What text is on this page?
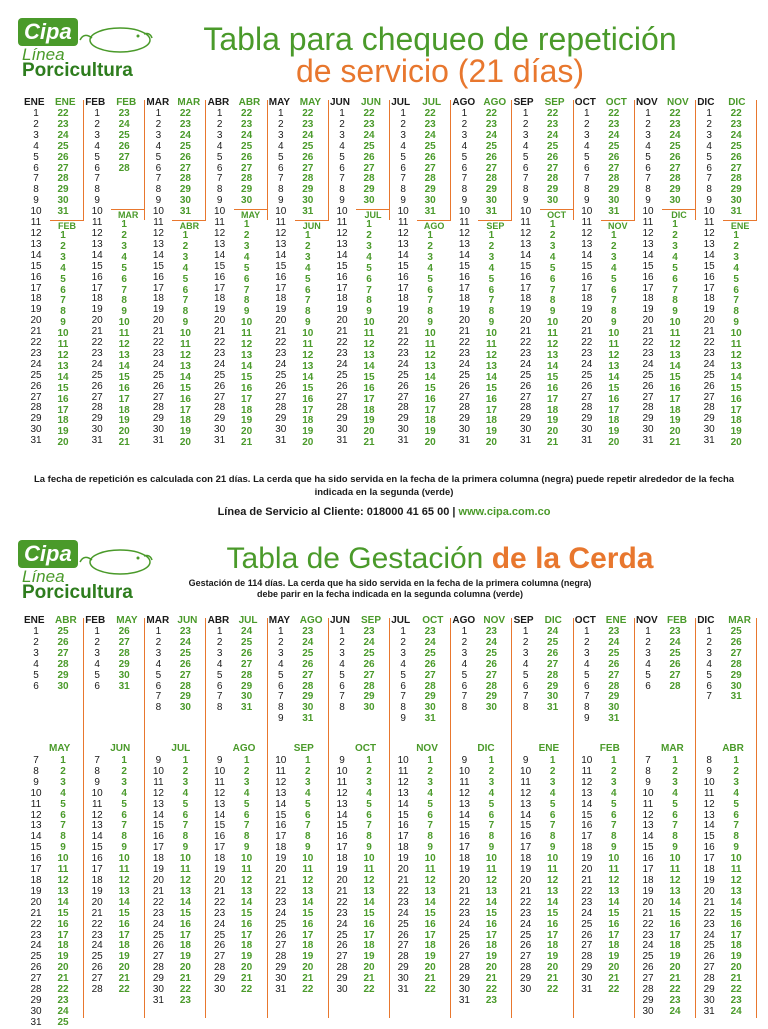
Cipa
Línea
Porcicultura
Tabla para chequeo de repetición
de servicio (21 días)
ENE ENE
1
2
3
4
5
6
7
8
9
10
11
12
13
14
15
16
17
18
19
20
21
22
23
24
25
26
27
28
29
30
31
22
23
24
25
26
27
28
29
30
31
FEB
1
2
3
4
5
6
7
8
9
10
11
12
13
14
15
16
17
18
19
20
FEB FEB
1
2
3
4
5
6
7
8
9
10
11
12
13
14
15
16
17
18
19
20
21
22
23
24
25
26
27
28
29
30
31
23
24
25
26
27
28
MAR
1
2
3
4
5
6
7
8
9
10
11
12
13
14
15
16
17
18
19
20
21
MAR MAR
1
2
3
4
5
6
7
8
9
10
11
12
13
14
15
16
17
18
19
20
21
22
23
24
25
26
27
28
29
30
31
22
23
24
25
26
27
28
29
30
31
ABR
1
2
3
4
5
6
7
8
9
10
11
12
13
14
15
16
17
18
19
20
ABR ABR
1
2
3
4
5
6
7
8
9
10
11
12
13
14
15
16
17
18
19
20
21
22
23
24
25
26
27
28
29
30
31
22
23
24
25
26
27
28
29
30
MAY
1
2
3
4
5
6
7
8
9
10
11
12
13
14
15
16
17
18
19
20
21
MAY MAY
1
2
3
4
5
6
7
8
9
10
11
12
13
14
15
16
17
18
19
20
21
22
23
24
25
26
27
28
29
30
31
22
23
24
25
26
27
28
29
30
31
JUN
1
2
3
4
5
6
7
8
9
10
11
12
13
14
15
16
17
18
19
20
JUN JUN
1
2
3
4
5
6
7
8
9
10
11
12
13
14
15
16
17
18
19
20
21
22
23
24
25
26
27
28
29
30
31
22
23
24
25
26
27
28
29
30
JUL
1
2
3
4
5
6
7
8
9
10
11
12
13
14
15
16
17
18
19
20
21
JUL JUL
1
2
3
4
5
6
7
8
9
10
11
12
13
14
15
16
17
18
19
20
21
22
23
24
25
26
27
28
29
30
31
22
23
24
25
26
27
28
29
30
31
AGO
1
2
3
4
5
6
7
8
9
10
11
12
13
14
15
16
17
18
19
20
AGO AGO
1
2
3
4
5
6
7
8
9
10
11
12
13
14
15
16
17
18
19
20
21
22
23
24
25
26
27
28
29
30
31
22
23
24
25
26
27
28
29
30
31
SEP
1
2
3
4
5
6
7
8
9
10
11
12
13
14
15
16
17
18
19
20
SEP SEP
1
2
3
4
5
6
7
8
9
10
11
12
13
14
15
16
17
18
19
20
21
22
23
24
25
26
27
28
29
30
31
22
23
24
25
26
27
28
29
30
OCT
1
2
3
4
5
6
7
8
9
10
11
12
13
14
15
16
17
18
19
20
21
OCT OCT
1
2
3
4
5
6
7
8
9
10
11
12
13
14
15
16
17
18
19
20
21
22
23
24
25
26
27
28
29
30
31
22
23
24
25
26
27
28
29
30
31
NOV
1
2
3
4
5
6
7
8
9
10
11
12
13
14
15
16
17
18
19
20
NOV NOV
1
2
3
4
5
6
7
8
9
10
11
12
13
14
15
16
17
18
19
20
21
22
23
24
25
26
27
28
29
30
31
22
23
24
25
26
27
28
29
30
DIC
1
2
3
4
5
6
7
8
9
10
11
12
13
14
15
16
17
18
19
20
21
DIC DIC
1
2
3
4
5
6
7
8
9
10
11
12
13
14
15
16
17
18
19
20
21
22
23
24
25
26
27
28
29
30
31
22
23
24
25
26
27
28
29
30
31
ENE
1
2
3
4
5
6
7
8
9
10
11
12
13
14
15
16
17
18
19
20
La fecha de repetición es calculada con 21 días. La cerda que ha sido servida en la fecha de la primera columna (negra) puede repetir alrededor de la fecha indicada en la segunda (verde)
Línea de Servicio al Cliente: 018000 41 65 00 | www.cipa.com.co
Cipa
Línea
Porcicultura
Tabla de Gestación de la Cerda
Gestación de 114 días. La cerda que ha sido servida en la fecha de la primera columna (negra) debe parir en la fecha indicada en la segunda columna (verde)
ENE ABR
1
2
3
4
5
6
25
26
27
28
29
30
MAY
7
8
9
10
11
12
13
14
15
16
17
18
19
20
21
22
23
24
25
26
27
28
29
30
31
1
2
3
4
5
6
7
8
9
10
11
12
13
14
15
16
17
18
19
20
21
22
23
24
25
FEB MAY
1
2
3
4
5
6
26
27
28
29
30
31
JUN
7
8
9
10
11
12
13
14
15
16
17
18
19
20
21
22
23
24
25
26
27
28
1
2
3
4
5
6
7
8
9
10
11
12
13
14
15
16
17
18
19
20
21
22
MAR JUN
1
2
3
4
5
6
7
8
23
24
25
26
27
28
29
30
JUL
9
10
11
12
13
14
15
16
17
18
19
20
21
22
23
24
25
26
27
28
29
30
31
1
2
3
4
5
6
7
8
9
10
11
12
13
14
15
16
17
18
19
20
21
22
23
ABR JUL
1
2
3
4
5
6
7
8
24
25
26
27
28
29
30
31
AGO
9
10
11
12
13
14
15
16
17
18
19
20
21
22
23
24
25
26
27
28
29
30
1
2
3
4
5
6
7
8
9
10
11
12
13
14
15
16
17
18
19
20
21
22
MAY AGO
1
2
3
4
5
6
7
8
9
23
24
25
26
27
28
29
30
31
SEP
10
11
12
13
14
15
16
17
18
19
20
21
22
23
24
25
26
27
28
29
30
31
1
2
3
4
5
6
7
8
9
10
11
12
13
14
15
16
17
18
19
20
21
22
JUN SEP
1
2
3
4
5
6
7
8
23
24
25
26
27
28
29
30
OCT
9
10
11
12
13
14
15
16
17
18
19
20
21
22
23
24
25
26
27
28
29
30
1
2
3
4
5
6
7
8
9
10
11
12
13
14
15
16
17
18
19
20
21
22
JUL OCT
1
2
3
4
5
6
7
8
9
23
24
25
26
27
28
29
30
31
NOV
10
11
12
13
14
15
16
17
18
19
20
21
22
23
24
25
26
27
28
29
30
31
1
2
3
4
5
6
7
8
9
10
11
12
13
14
15
16
17
18
19
20
21
22
AGO NOV
1
2
3
4
5
6
7
8
23
24
25
26
27
28
29
30
DIC
9
10
11
12
13
14
15
16
17
18
19
20
21
22
23
24
25
26
27
28
29
30
31
1
2
3
4
5
6
7
8
9
10
11
12
13
14
15
16
17
18
19
20
21
22
23
SEP DIC
1
2
3
4
5
6
7
8
24
25
26
27
28
29
30
31
ENE
9
10
11
12
13
14
15
16
17
18
19
20
21
22
23
24
25
26
27
28
29
30
1
2
3
4
5
6
7
8
9
10
11
12
13
14
15
16
17
18
19
20
21
22
OCT ENE
1
2
3
4
5
6
7
8
9
23
24
25
26
27
28
29
30
31
FEB
10
11
12
13
14
15
16
17
18
19
20
21
22
23
24
25
26
27
28
29
30
31
1
2
3
4
5
6
7
8
9
10
11
12
13
14
15
16
17
18
19
20
21
22
NOV FEB
1
2
3
4
5
6
23
24
25
26
27
28
MAR
7
8
9
10
11
12
13
14
15
16
17
18
19
20
21
22
23
24
25
26
27
28
29
30
1
2
3
4
5
6
7
8
9
10
11
12
13
14
15
16
17
18
19
20
21
22
23
24
DIC MAR
1
2
3
4
5
6
7
25
26
27
28
29
30
31
ABR
8
9
10
11
12
13
14
15
16
17
18
19
20
21
22
23
24
25
26
27
28
29
30
31
1
2
3
4
5
6
7
8
9
10
11
12
13
14
15
16
17
18
19
20
21
22
23
24
